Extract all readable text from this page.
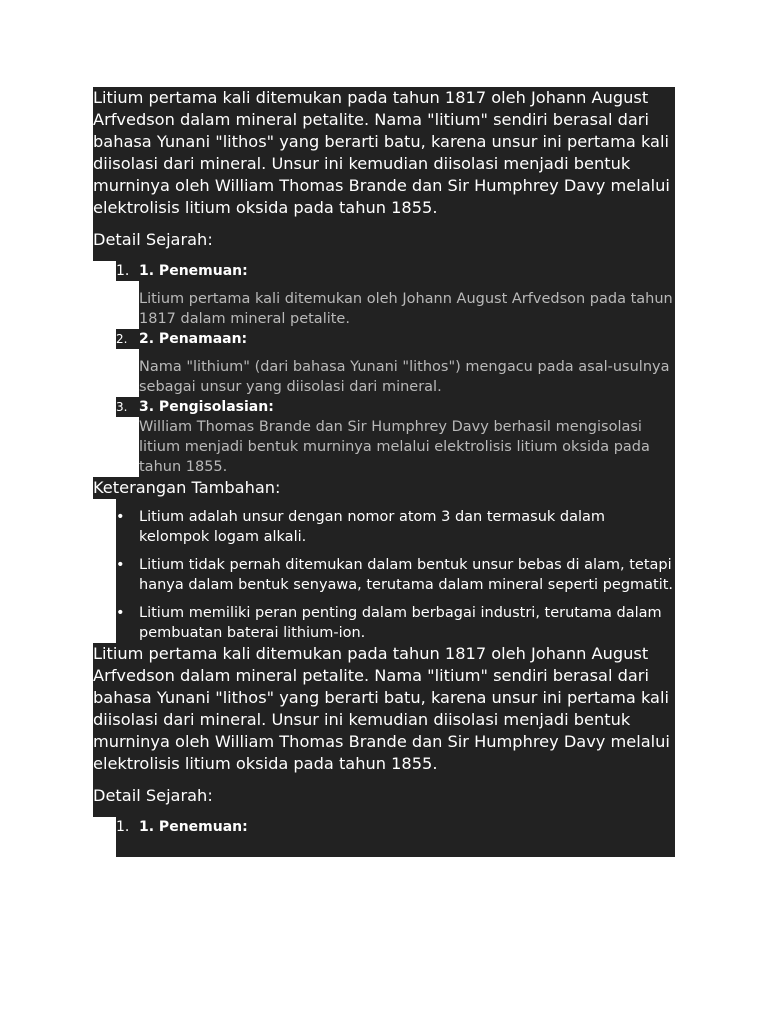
Litium pertama kali ditemukan pada tahun 1817 oleh Johann August Arfvedson dalam mineral petalite. Nama "litium" sendiri berasal dari bahasa Yunani "lithos" yang berarti batu, karena unsur ini pertama kali diisolasi dari mineral. Unsur ini kemudian diisolasi menjadi bentuk murninya oleh William Thomas Brande dan Sir Humphrey Davy melalui elektrolisis litium oksida pada tahun 1855.

Detail Sejarah:
1. 1. Penemuan:
Litium pertama kali ditemukan oleh Johann August Arfvedson pada tahun 1817 dalam mineral petalite.
2. 2. Penamaan:
Nama "lithium" (dari bahasa Yunani "lithos") mengacu pada asal-usulnya sebagai unsur yang diisolasi dari mineral.
3. 3. Pengisolasian:
William Thomas Brande dan Sir Humphrey Davy berhasil mengisolasi litium menjadi bentuk murninya melalui elektrolisis litium oksida pada tahun 1855.
Keterangan Tambahan:
• Litium adalah unsur dengan nomor atom 3 dan termasuk dalam kelompok logam alkali.
• Litium tidak pernah ditemukan dalam bentuk unsur bebas di alam, tetapi hanya dalam bentuk senyawa, terutama dalam mineral seperti pegmatit.
• Litium memiliki peran penting dalam berbagai industri, terutama dalam pembuatan baterai lithium-ion.

Litium pertama kali ditemukan pada tahun 1817 oleh Johann August Arfvedson dalam mineral petalite. Nama "litium" sendiri berasal dari bahasa Yunani "lithos" yang berarti batu, karena unsur ini pertama kali diisolasi dari mineral. Unsur ini kemudian diisolasi menjadi bentuk murninya oleh William Thomas Brande dan Sir Humphrey Davy melalui elektrolisis litium oksida pada tahun 1855.

Detail Sejarah:
1. 1. Penemuan:
